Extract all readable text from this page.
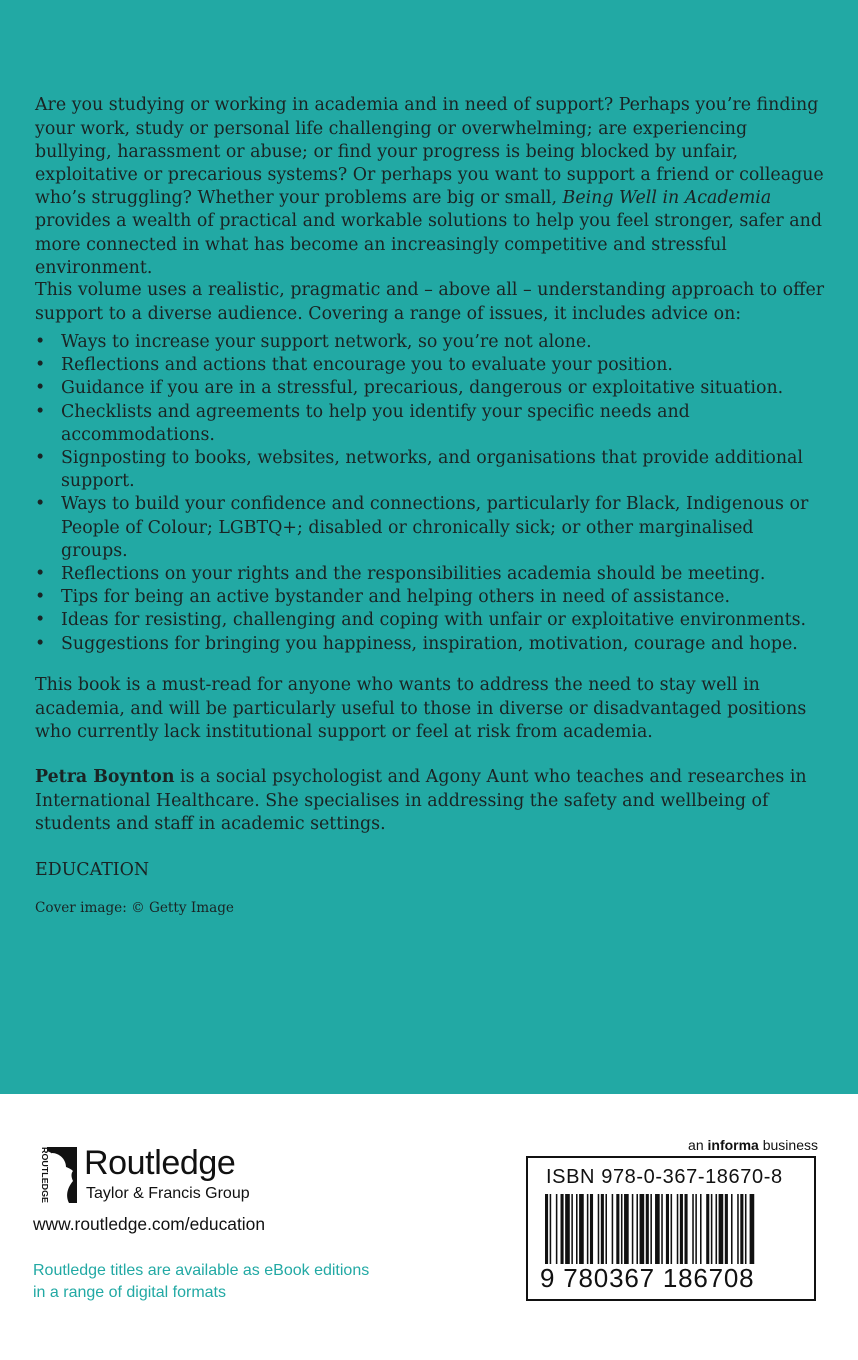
Are you studying or working in academia and in need of support? Perhaps you’re finding your work, study or personal life challenging or overwhelming; are experiencing bullying, harassment or abuse; or find your progress is being blocked by unfair, exploitative or precarious systems? Or perhaps you want to support a friend or colleague who’s struggling? Whether your problems are big or small, Being Well in Academia provides a wealth of practical and workable solutions to help you feel stronger, safer and more connected in what has become an increasingly competitive and stressful environment.

This volume uses a realistic, pragmatic and – above all – understanding approach to offer support to a diverse audience. Covering a range of issues, it includes advice on:

• Ways to increase your support network, so you’re not alone.
• Reflections and actions that encourage you to evaluate your position.
• Guidance if you are in a stressful, precarious, dangerous or exploitative situation.
• Checklists and agreements to help you identify your specific needs and accommodations.
• Signposting to books, websites, networks, and organisations that provide additional support.
• Ways to build your confidence and connections, particularly for Black, Indigenous or People of Colour; LGBTQ+; disabled or chronically sick; or other marginalised groups.
• Reflections on your rights and the responsibilities academia should be meeting.
• Tips for being an active bystander and helping others in need of assistance.
• Ideas for resisting, challenging and coping with unfair or exploitative environments.
• Suggestions for bringing you happiness, inspiration, motivation, courage and hope.

This book is a must-read for anyone who wants to address the need to stay well in academia, and will be particularly useful to those in diverse or disadvantaged positions who currently lack institutional support or feel at risk from academia.

Petra Boynton is a social psychologist and Agony Aunt who teaches and researches in International Healthcare. She specialises in addressing the safety and wellbeing of students and staff in academic settings.

EDUCATION

Cover image: © Getty Image

ROUTLEDGE Routledge
Taylor & Francis Group
www.routledge.com/education
Routledge titles are available as eBook editions
in a range of digital formats
an informa business
ISBN 978-0-367-18670-8
9 780367 186708
